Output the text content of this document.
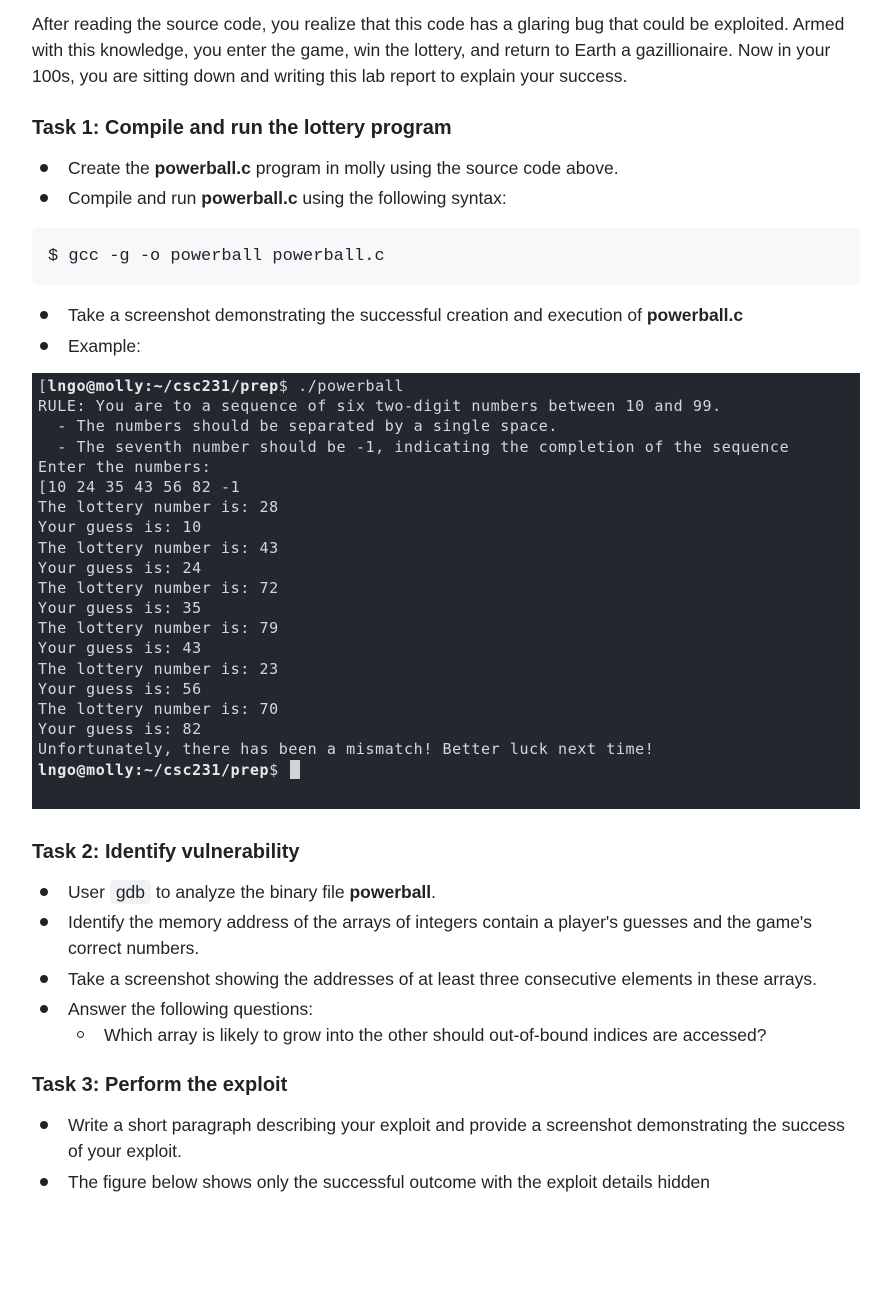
After reading the source code, you realize that this code has a glaring bug that could be exploited. Armed with this knowledge, you enter the game, win the lottery, and return to Earth a gazillionaire. Now in your 100s, you are sitting down and writing this lab report to explain your success.

Task 1: Compile and run the lottery program
Create the powerball.c program in molly using the source code above.
Compile and run powerball.c using the following syntax:
$ gcc -g -o powerball powerball.c
Take a screenshot demonstrating the successful creation and execution of powerball.c
Example:
[lngo@molly:~/csc231/prep$ ./powerball
RULE: You are to a sequence of six two-digit numbers between 10 and 99.
- The numbers should be separated by a single space.
- The seventh number should be -1, indicating the completion of the sequence
Enter the numbers:
[10 24 35 43 56 82 -1
The lottery number is: 28
Your guess is: 10
The lottery number is: 43
Your guess is: 24
The lottery number is: 72
Your guess is: 35
The lottery number is: 79
Your guess is: 43
The lottery number is: 23
Your guess is: 56
The lottery number is: 70
Your guess is: 82
Unfortunately, there has been a mismatch! Better luck next time!
lngo@molly:~/csc231/prep$
Task 2: Identify vulnerability
User gdb to analyze the binary file powerball.
Identify the memory address of the arrays of integers contain a player's guesses and the game's correct numbers.
Take a screenshot showing the addresses of at least three consecutive elements in these arrays.
Answer the following questions:
Which array is likely to grow into the other should out-of-bound indices are accessed?
Task 3: Perform the exploit
Write a short paragraph describing your exploit and provide a screenshot demonstrating the success of your exploit.
The figure below shows only the successful outcome with the exploit details hidden
